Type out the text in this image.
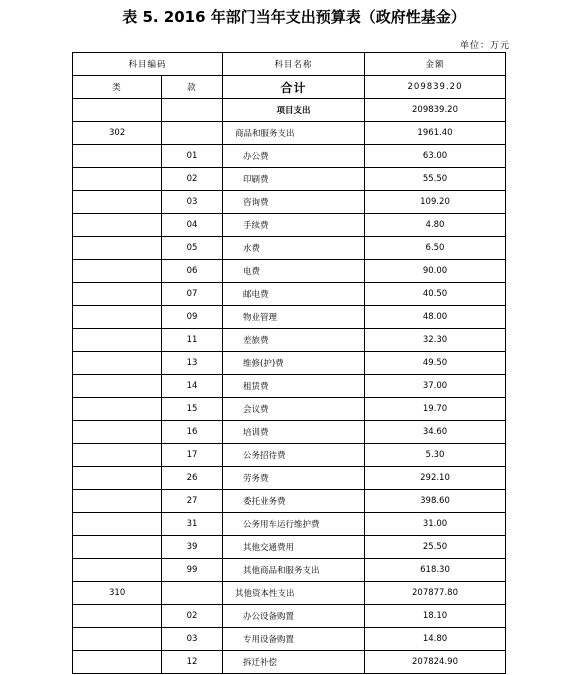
表 5. 2016 年部门当年支出预算表（政府性基金）
单位：万元
科目编码		科目名称	金额
类	款	合计	209839.20
		项目支出	209839.20
302		商品和服务支出	1961.40
	01	办公费	63.00
	02	印刷费	55.50
	03	咨询费	109.20
	04	手续费	4.80
	05	水费	6.50
	06	电费	90.00
	07	邮电费	40.50
	09	物业管理	48.00
	11	差旅费	32.30
	13	维修(护)费	49.50
	14	租赁费	37.00
	15	会议费	19.70
	16	培训费	34.60
	17	公务招待费	5.30
	26	劳务费	292.10
	27	委托业务费	398.60
	31	公务用车运行维护费	31.00
	39	其他交通费用	25.50
	99	其他商品和服务支出	618.30
310		其他资本性支出	207877.80
	02	办公设备购置	18.10
	03	专用设备购置	14.80
	12	拆迁补偿	207824.90
